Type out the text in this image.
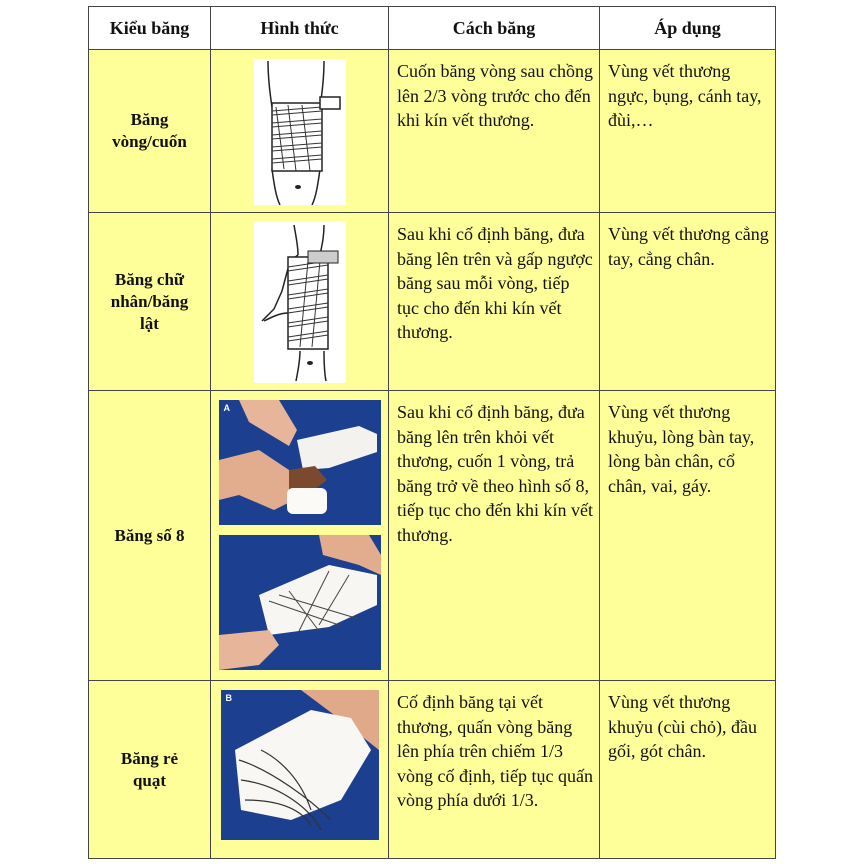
Kiểu băng	Hình thức	Cách băng	Áp dụng
Băng vòng/cuốn		Cuốn băng vòng sau chồng lên 2/3 vòng trước cho đến khi kín vết thương.	Vùng vết thương ngực, bụng, cánh tay, đùi,…
Băng chữ nhân/băng lật		Sau khi cố định băng, đưa băng lên trên và gấp ngược băng sau mỗi vòng, tiếp tục cho đến khi kín vết thương.	Vùng vết thương cẳng tay, cẳng chân.
Băng số 8	A	Sau khi cố định băng, đưa băng lên trên khỏi vết thương, cuốn 1 vòng, trả băng trở về theo hình số 8, tiếp tục cho đến khi kín vết thương.	Vùng vết thương khuỷu, lòng bàn tay, lòng bàn chân, cổ chân, vai, gáy.
Băng rẻ quạt	B	Cố định băng tại vết thương, quấn vòng băng lên phía trên chiếm 1/3 vòng cố định, tiếp tục quấn vòng phía dưới 1/3.	Vùng vết thương khuỷu (cùi chỏ), đầu gối, gót chân.
